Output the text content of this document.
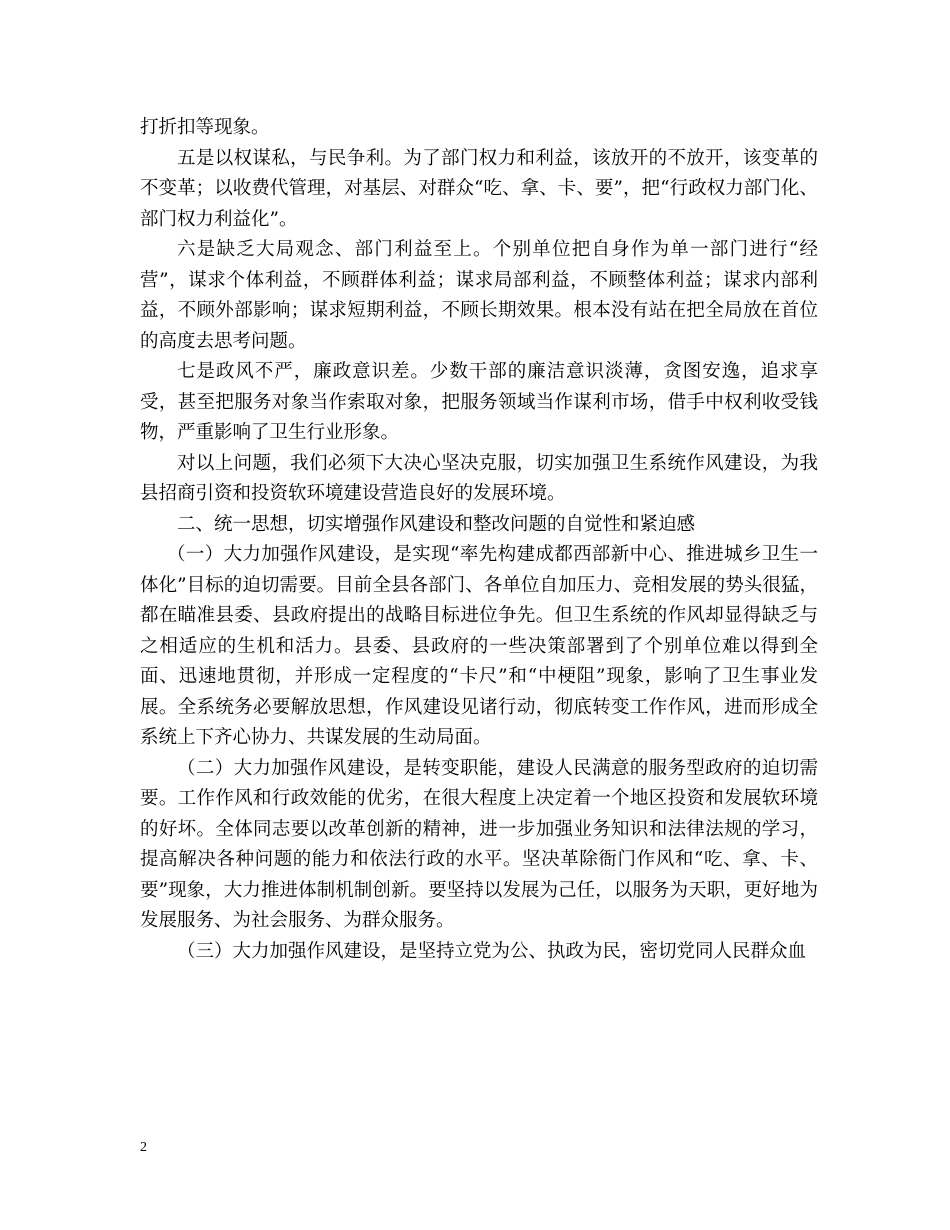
打折扣等现象。

五是以权谋私，与民争利。为了部门权力和利益，该放开的不放开，该变革的不变革；以收费代管理，对基层、对群众“吃、拿、卡、要”，把“行政权力部门化、部门权力利益化”。

六是缺乏大局观念、部门利益至上。个别单位把自身作为单一部门进行“经营”，谋求个体利益，不顾群体利益；谋求局部利益，不顾整体利益；谋求内部利益，不顾外部影响；谋求短期利益，不顾长期效果。根本没有站在把全局放在首位的高度去思考问题。

七是政风不严，廉政意识差。少数干部的廉洁意识淡薄，贪图安逸，追求享受，甚至把服务对象当作索取对象，把服务领域当作谋利市场，借手中权利收受钱物，严重影响了卫生行业形象。

对以上问题，我们必须下大决心坚决克服，切实加强卫生系统作风建设，为我县招商引资和投资软环境建设营造良好的发展环境。

二、统一思想，切实增强作风建设和整改问题的自觉性和紧迫感

（一）大力加强作风建设，是实现“率先构建成都西部新中心、推进城乡卫生一体化”目标的迫切需要。目前全县各部门、各单位自加压力、竞相发展的势头很猛，都在瞄准县委、县政府提出的战略目标进位争先。但卫生系统的作风却显得缺乏与之相适应的生机和活力。县委、县政府的一些决策部署到了个别单位难以得到全面、迅速地贯彻，并形成一定程度的“卡尺”和“中梗阻”现象，影响了卫生事业发展。全系统务必要解放思想，作风建设见诸行动，彻底转变工作作风，进而形成全系统上下齐心协力、共谋发展的生动局面。

（二）大力加强作风建设，是转变职能，建设人民满意的服务型政府的迫切需要。工作作风和行政效能的优劣，在很大程度上决定着一个地区投资和发展软环境的好坏。全体同志要以改革创新的精神，进一步加强业务知识和法律法规的学习，提高解决各种问题的能力和依法行政的水平。坚决革除衙门作风和“吃、拿、卡、要”现象，大力推进体制机制创新。要坚持以发展为己任，以服务为天职，更好地为发展服务、为社会服务、为群众服务。

（三）大力加强作风建设，是坚持立党为公、执政为民，密切党同人民群众血

2
